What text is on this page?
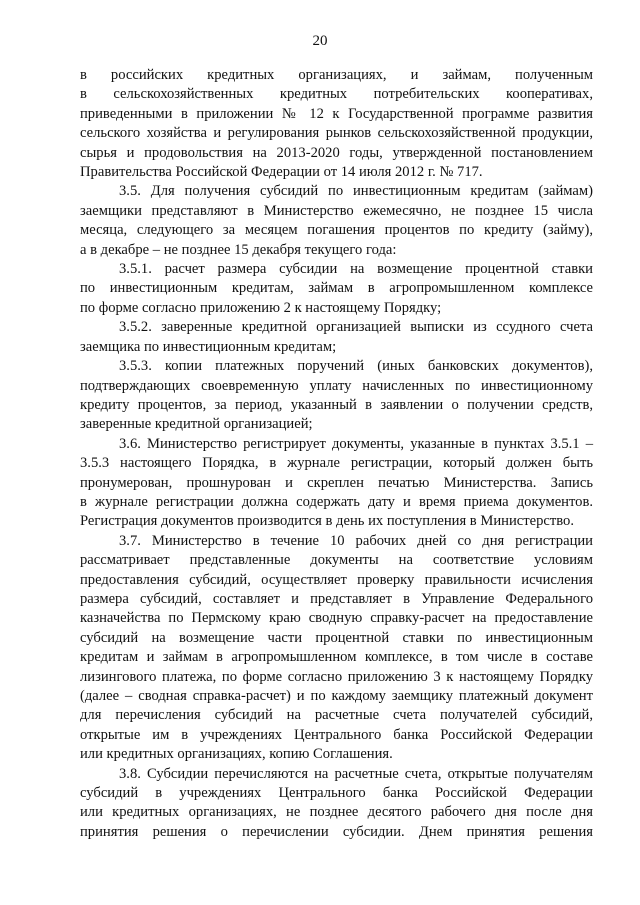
20
в российских кредитных организациях, и займам, полученным
в сельскохозяйственных кредитных потребительских кооперативах,
приведенными в приложении № 12 к Государственной программе развития
сельского хозяйства и регулирования рынков сельскохозяйственной продукции,
сырья и продовольствия на 2013-2020 годы, утвержденной постановлением
Правительства Российской Федерации от 14 июля 2012 г. № 717.
3.5. Для получения субсидий по инвестиционным кредитам (займам)
заемщики представляют в Министерство ежемесячно, не позднее 15 числа
месяца, следующего за месяцем погашения процентов по кредиту (займу),
а в декабре – не позднее 15 декабря текущего года:
3.5.1. расчет размера субсидии на возмещение процентной ставки
по инвестиционным кредитам, займам в агропромышленном комплексе
по форме согласно приложению 2 к настоящему Порядку;
3.5.2. заверенные кредитной организацией выписки из ссудного счета
заемщика по инвестиционным кредитам;
3.5.3. копии платежных поручений (иных банковских документов),
подтверждающих своевременную уплату начисленных по инвестиционному
кредиту процентов, за период, указанный в заявлении о получении средств,
заверенные кредитной организацией;
3.6. Министерство регистрирует документы, указанные в пунктах 3.5.1 –
3.5.3 настоящего Порядка, в журнале регистрации, который должен быть
пронумерован, прошнурован и скреплен печатью Министерства. Запись
в журнале регистрации должна содержать дату и время приема документов.
Регистрация документов производится в день их поступления в Министерство.
3.7. Министерство в течение 10 рабочих дней со дня регистрации
рассматривает представленные документы на соответствие условиям
предоставления субсидий, осуществляет проверку правильности исчисления
размера субсидий, составляет и представляет в Управление Федерального
казначейства по Пермскому краю сводную справку-расчет на предоставление
субсидий на возмещение части процентной ставки по инвестиционным
кредитам и займам в агропромышленном комплексе, в том числе в составе
лизингового платежа, по форме согласно приложению 3 к настоящему Порядку
(далее – сводная справка-расчет) и по каждому заемщику платежный документ
для перечисления субсидий на расчетные счета получателей субсидий,
открытые им в учреждениях Центрального банка Российской Федерации
или кредитных организациях, копию Соглашения.
3.8. Субсидии перечисляются на расчетные счета, открытые получателям
субсидий в учреждениях Центрального банка Российской Федерации
или кредитных организациях, не позднее десятого рабочего дня после дня
принятия решения о перечислении субсидии. Днем принятия решения
